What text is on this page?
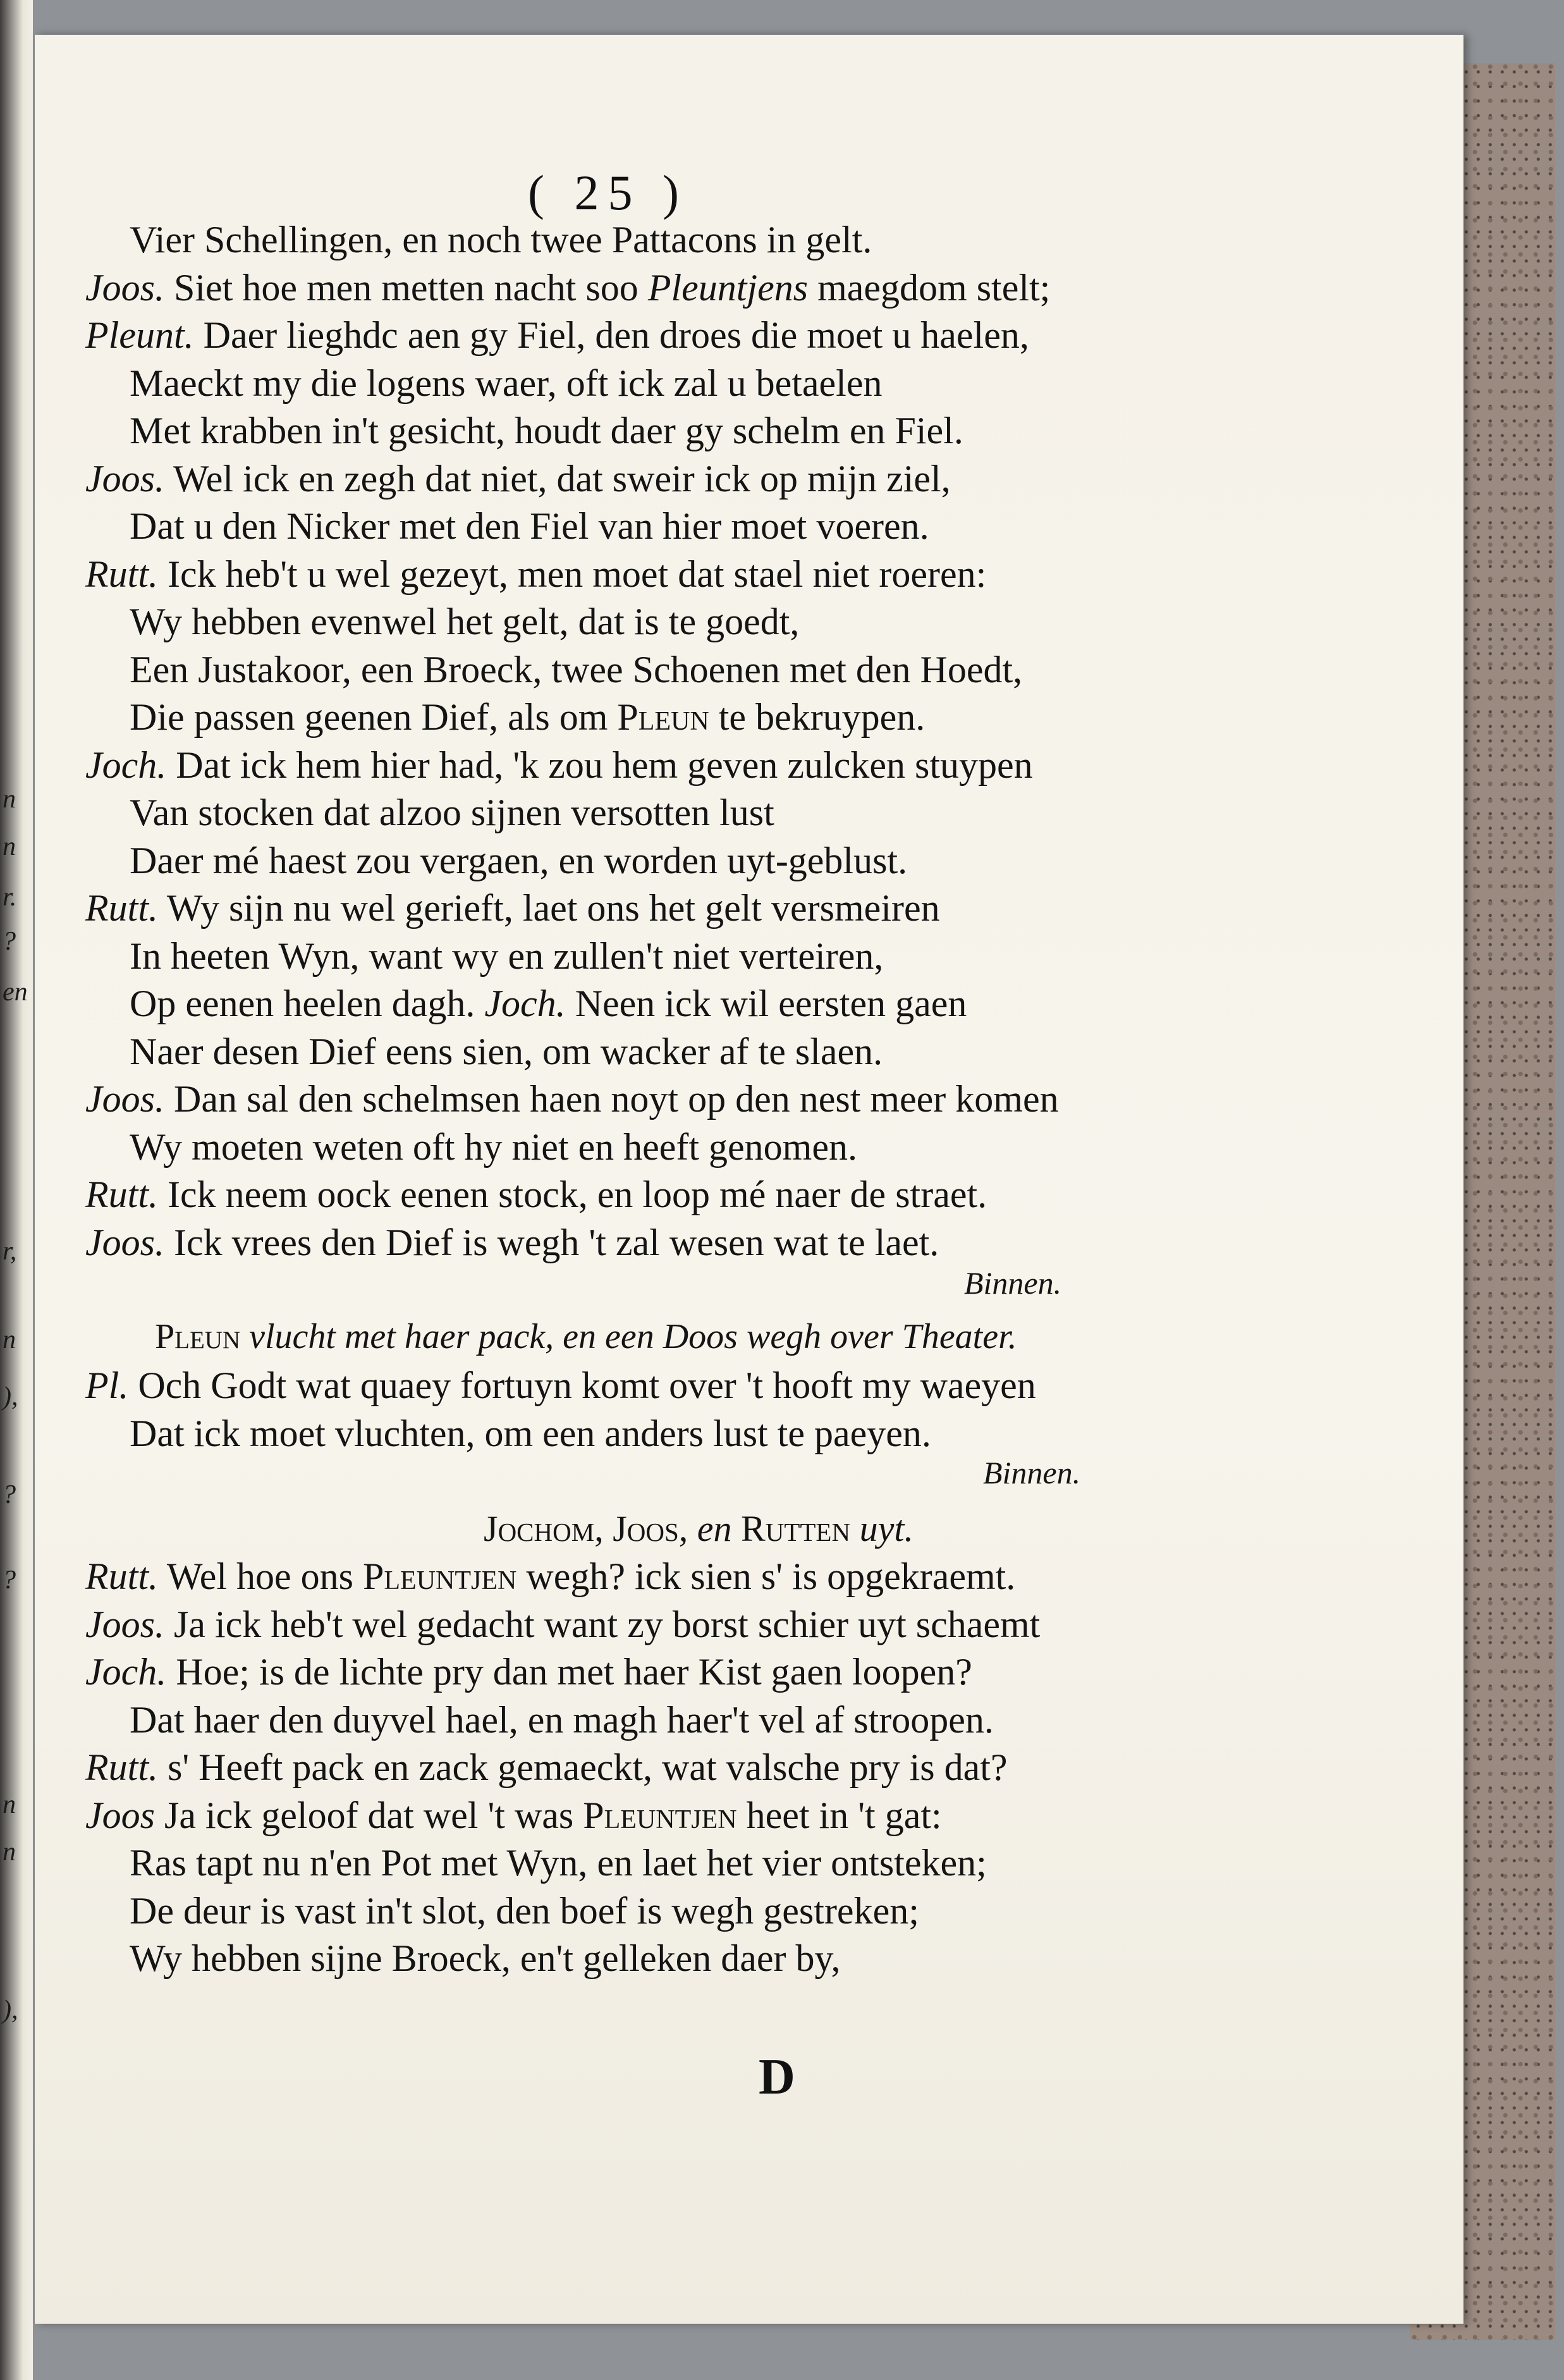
n
n
r.
?
en
r,
n
),
?
?
n
n
),
( 25 )
Vier Schellingen, en noch twee Pattacons in gelt.
Joos. Siet hoe men metten nacht soo Pleuntjens maegdom stelt;
Pleunt. Daer lieghdc aen gy Fiel, den droes die moet u haelen,
Maeckt my die logens waer, oft ick zal u betaelen
Met krabben in't gesicht, houdt daer gy schelm en Fiel.
Joos. Wel ick en zegh dat niet, dat sweir ick op mijn ziel,
Dat u den Nicker met den Fiel van hier moet voeren.
Rutt. Ick heb't u wel gezeyt, men moet dat stael niet roeren:
Wy hebben evenwel het gelt, dat is te goedt,
Een Justakoor, een Broeck, twee Schoenen met den Hoedt,
Die passen geenen Dief, als om Pleun te bekruypen.
Joch. Dat ick hem hier had, 'k zou hem geven zulcken stuypen
Van stocken dat alzoo sijnen versotten lust
Daer mé haest zou vergaen, en worden uyt-geblust.
Rutt. Wy sijn nu wel gerieft, laet ons het gelt versmeiren
In heeten Wyn, want wy en zullen't niet verteiren,
Op eenen heelen dagh. Joch. Neen ick wil eersten gaen
Naer desen Dief eens sien, om wacker af te slaen.
Joos. Dan sal den schelmsen haen noyt op den nest meer komen
Wy moeten weten oft hy niet en heeft genomen.
Rutt. Ick neem oock eenen stock, en loop mé naer de straet.
Joos. Ick vrees den Dief is wegh 't zal wesen wat te laet.
Binnen.
Pleun vlucht met haer pack, en een Doos wegh over Theater.
Pl. Och Godt wat quaey fortuyn komt over 't hooft my waeyen
Dat ick moet vluchten, om een anders lust te paeyen.
Binnen.
Jochom, Joos, en Rutten uyt.
Rutt. Wel hoe ons Pleuntjen wegh? ick sien s' is opgekraemt.
Joos. Ja ick heb't wel gedacht want zy borst schier uyt schaemt
Joch. Hoe; is de lichte pry dan met haer Kist gaen loopen?
Dat haer den duyvel hael, en magh haer't vel af stroopen.
Rutt. s' Heeft pack en zack gemaeckt, wat valsche pry is dat?
Joos Ja ick geloof dat wel 't was Pleuntjen heet in 't gat:
Ras tapt nu n'en Pot met Wyn, en laet het vier ontsteken;
De deur is vast in't slot, den boef is wegh gestreken;
Wy hebben sijne Broeck, en't gelleken daer by,
D
